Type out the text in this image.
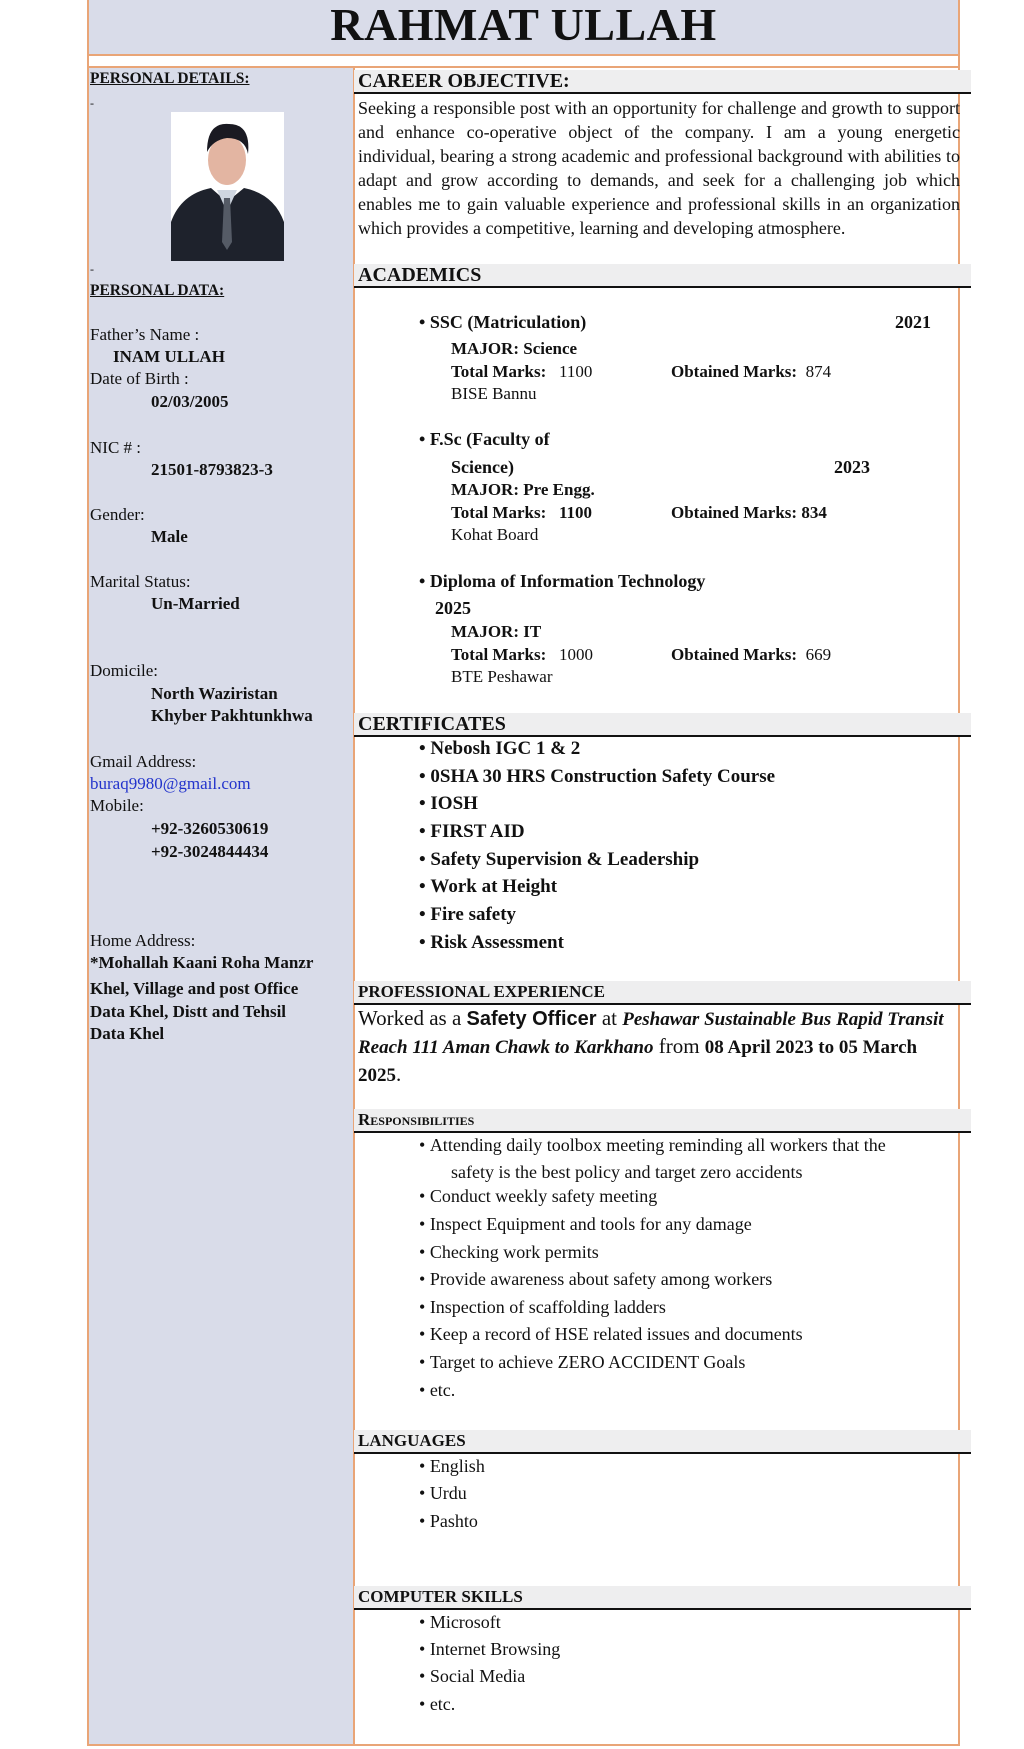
RAHMAT ULLAH
PERSONAL DETAILS:
-
-
PERSONAL DATA:
Father’s Name :
INAM ULLAH
Date of Birth :
02/03/2005
NIC # :
21501-8793823-3
Gender:
Male
Marital Status:
Un-Married
Domicile:
North Waziristan
Khyber Pakhtunkhwa
Gmail Address:
buraq9980@gmail.com
Mobile:
+92-3260530619
+92-3024844434
Home Address:
*Mohallah Kaani Roha Manzr
Khel, Village and post Office
Data Khel, Distt and Tehsil
Data Khel
CAREER OBJECTIVE:
Seeking a responsible post with an opportunity for challenge and growth to support and enhance co-operative object of the company. I am a young energetic individual, bearing a strong academic and professional background with abilities to adapt and grow according to demands, and seek for a challenging job which enables me to gain valuable experience and professional skills in an organization which provides a competitive, learning and developing atmosphere.
ACADEMICS
• SSC (Matriculation)	2021
MAJOR: Science
Total Marks: 1100	Obtained Marks: 874
BISE Bannu
• F.Sc (Faculty of
Science)	2023
MAJOR: Pre Engg.
Total Marks: 1100	Obtained Marks: 834
Kohat Board
• Diploma of Information Technology
2025
MAJOR: IT
Total Marks: 1000	Obtained Marks: 669
BTE Peshawar
CERTIFICATES
• Nebosh IGC 1 & 2
• 0SHA 30 HRS Construction Safety Course
• IOSH
• FIRST AID
• Safety Supervision & Leadership
• Work at Height
• Fire safety
• Risk Assessment
PROFESSIONAL EXPERIENCE
Worked as a Safety Officer at Peshawar Sustainable Bus Rapid Transit Reach 111 Aman Chawk to Karkhano from 08 April 2023 to 05 March 2025.
Responsibilities
• Attending daily toolbox meeting reminding all workers that the
safety is the best policy and target zero accidents
• Conduct weekly safety meeting
• Inspect Equipment and tools for any damage
• Checking work permits
• Provide awareness about safety among workers
• Inspection of scaffolding ladders
• Keep a record of HSE related issues and documents
• Target to achieve ZERO ACCIDENT Goals
• etc.
LANGUAGES
• English
• Urdu
• Pashto
COMPUTER SKILLS
• Microsoft
• Internet Browsing
• Social Media
• etc.
